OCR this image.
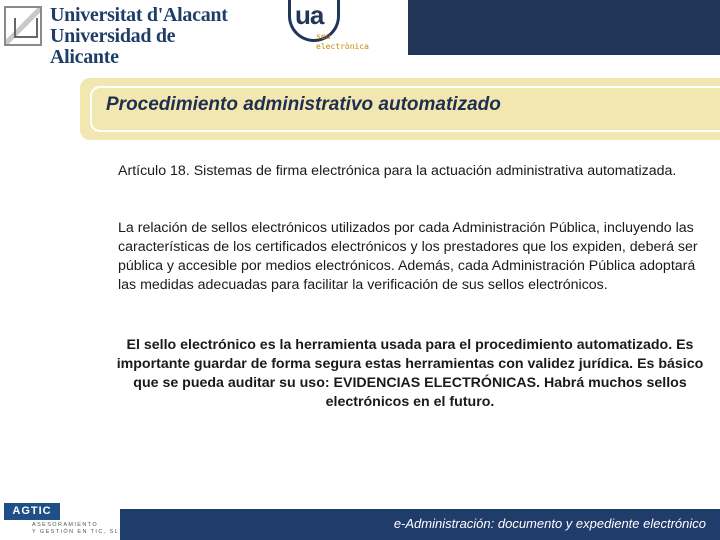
Universitat d'Alacant
Universidad de Alicante
ua
seu
electrònica
Procedimiento administrativo automatizado

Artículo 18. Sistemas de firma electrónica para la actuación administrativa automatizada.

La relación de sellos electrónicos utilizados por cada Administración Pública, incluyendo las características de los certificados electrónicos y los prestadores que los expiden, deberá ser pública y accesible por medios electrónicos. Además, cada Administración Pública adoptará las medidas adecuadas para facilitar la verificación de sus sellos electrónicos.

El sello electrónico es la herramienta usada para el procedimiento automatizado. Es importante guardar de forma segura estas herramientas con validez jurídica. Es básico que se pueda auditar su uso: EVIDENCIAS ELECTRÓNICAS. Habrá muchos sellos electrónicos en el futuro.

AGTIC
ASESORAMIENTO
Y GESTIÓN EN TIC, SL
e-Administración: documento y expediente electrónico
